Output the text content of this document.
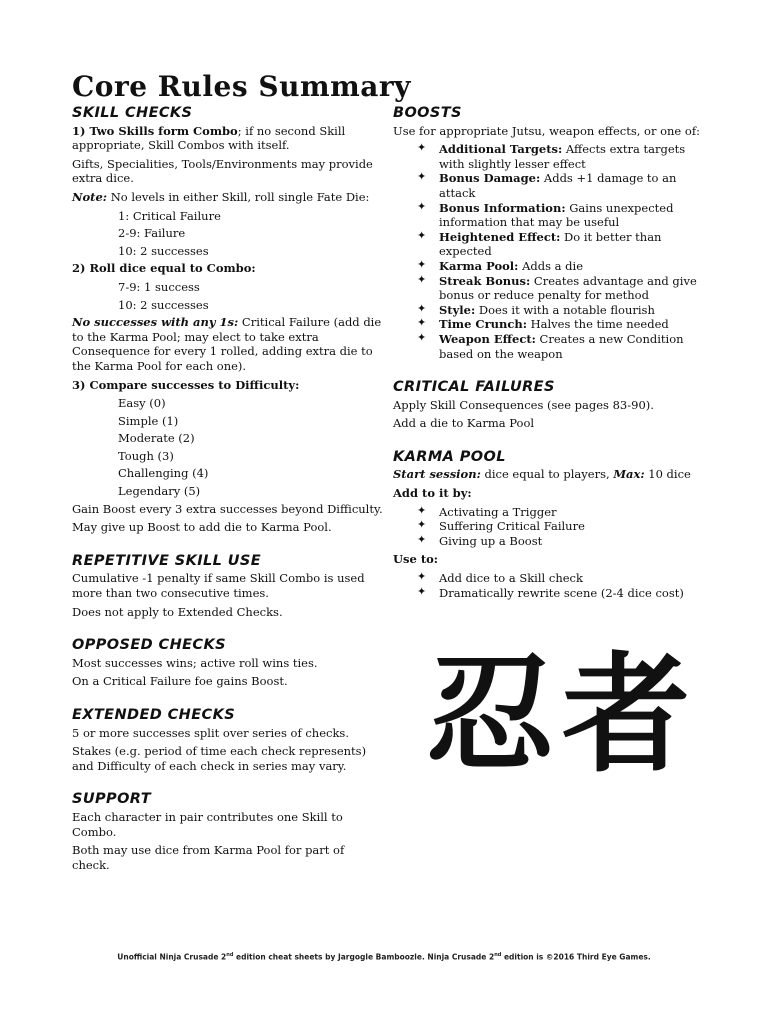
Core Rules Summary
SKILL CHECKS

1) Two Skills form Combo; if no second Skill appropriate, Skill Combos with itself.

Gifts, Specialities, Tools/Environments may provide extra dice.

Note: No levels in either Skill, roll single Fate Die:

1: Critical Failure
2-9: Failure
10: 2 successes

2) Roll dice equal to Combo:

7-9: 1 success
10: 2 successes

No successes with any 1s: Critical Failure (add die to the Karma Pool; may elect to take extra Consequence for every 1 rolled, adding extra die to the Karma Pool for each one).

3) Compare successes to Difficulty:

Easy (0)
Simple (1)
Moderate (2)
Tough (3)
Challenging (4)
Legendary (5)

Gain Boost every 3 extra successes beyond Difficulty.

May give up Boost to add die to Karma Pool.

REPETITIVE SKILL USE

Cumulative -1 penalty if same Skill Combo is used more than two consecutive times.

Does not apply to Extended Checks.

OPPOSED CHECKS

Most successes wins; active roll wins ties.

On a Critical Failure foe gains Boost.

EXTENDED CHECKS

5 or more successes split over series of checks.

Stakes (e.g. period of time each check represents) and Difficulty of each check in series may vary.

SUPPORT

Each character in pair contributes one Skill to Combo.

Both may use dice from Karma Pool for part of check.

BOOSTS

Use for appropriate Jutsu, weapon effects, or one of:

✦ Additional Targets: Affects extra targets with slightly lesser effect
✦ Bonus Damage: Adds +1 damage to an attack
✦ Bonus Information: Gains unexpected information that may be useful
✦ Heightened Effect: Do it better than expected
✦ Karma Pool: Adds a die
✦ Streak Bonus: Creates advantage and give bonus or reduce penalty for method
✦ Style: Does it with a notable flourish
✦ Time Crunch: Halves the time needed
✦ Weapon Effect: Creates a new Condition based on the weapon
CRITICAL FAILURES

Apply Skill Consequences (see pages 83-90).

Add a die to Karma Pool

KARMA POOL

Start session: dice equal to players, Max: 10 dice

Add to it by:

✦ Activating a Trigger
✦ Suffering Critical Failure
✦ Giving up a Boost

Use to:

✦ Add dice to a Skill check
✦ Dramatically rewrite scene (2-4 dice cost)
忍者
Unofficial Ninja Crusade 2nd edition cheat sheets by Jargogle Bamboozle. Ninja Crusade 2nd edition is ©2016 Third Eye Games.
